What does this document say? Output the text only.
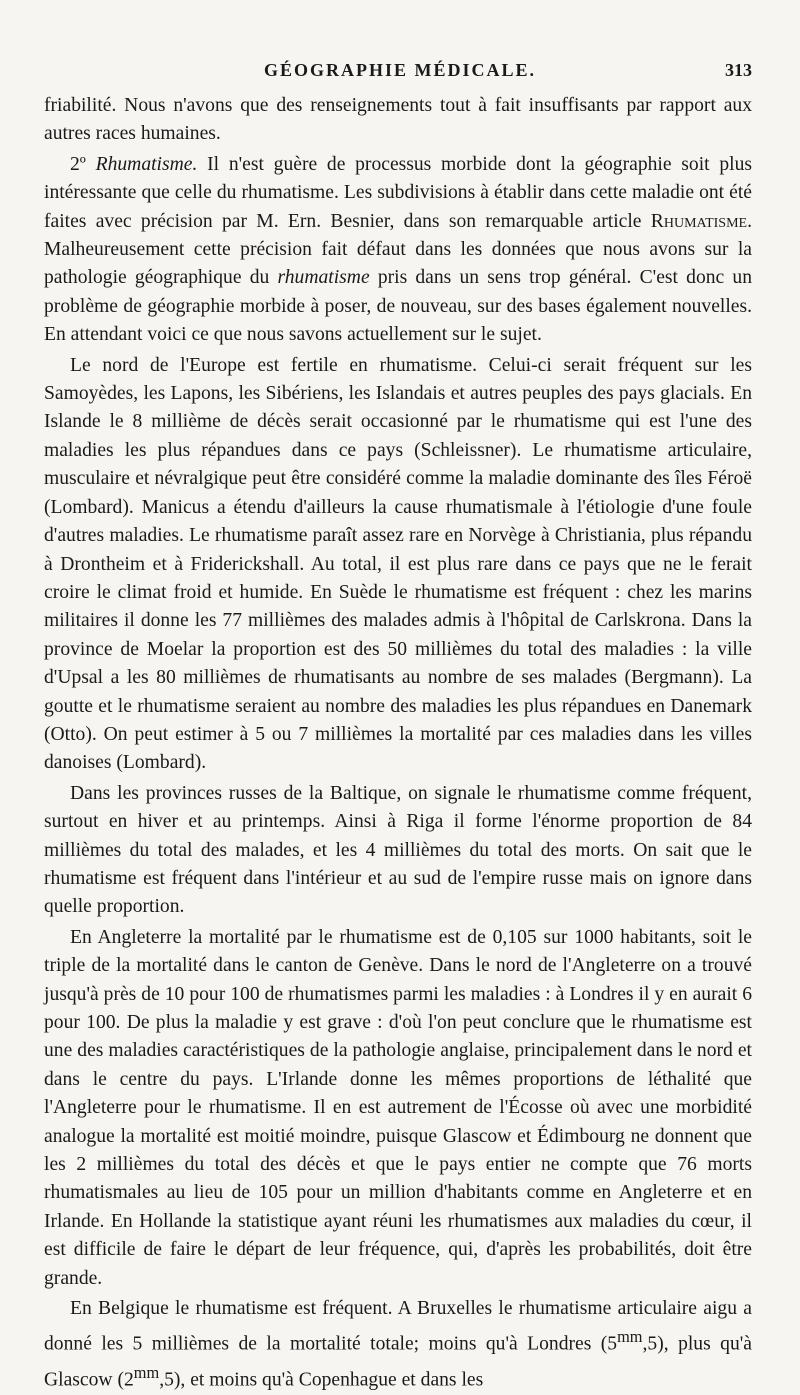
GÉOGRAPHIE MÉDICALE.	313

friabilité. Nous n'avons que des renseignements tout à fait insuffisants par rapport aux autres races humaines.

2º Rhumatisme. Il n'est guère de processus morbide dont la géographie soit plus intéressante que celle du rhumatisme. Les subdivisions à établir dans cette maladie ont été faites avec précision par M. Ern. Besnier, dans son remarquable article Rhumatisme. Malheureusement cette précision fait défaut dans les données que nous avons sur la pathologie géographique du rhumatisme pris dans un sens trop général. C'est donc un problème de géographie morbide à poser, de nouveau, sur des bases également nouvelles. En attendant voici ce que nous savons actuellement sur le sujet.

Le nord de l'Europe est fertile en rhumatisme. Celui-ci serait fréquent sur les Samoyèdes, les Lapons, les Sibériens, les Islandais et autres peuples des pays glacials. En Islande le 8 millième de décès serait occasionné par le rhumatisme qui est l'une des maladies les plus répandues dans ce pays (Schleissner). Le rhumatisme articulaire, musculaire et névralgique peut être considéré comme la maladie dominante des îles Féroë (Lombard). Manicus a étendu d'ailleurs la cause rhumatismale à l'étiologie d'une foule d'autres maladies. Le rhumatisme paraît assez rare en Norvège à Christiania, plus répandu à Drontheim et à Friderickshall. Au total, il est plus rare dans ce pays que ne le ferait croire le climat froid et humide. En Suède le rhumatisme est fréquent : chez les marins militaires il donne les 77 millièmes des malades admis à l'hôpital de Carlskrona. Dans la province de Moelar la proportion est des 50 millièmes du total des maladies : la ville d'Upsal a les 80 millièmes de rhumatisants au nombre de ses malades (Bergmann). La goutte et le rhumatisme seraient au nombre des maladies les plus répandues en Danemark (Otto). On peut estimer à 5 ou 7 millièmes la mortalité par ces maladies dans les villes danoises (Lombard).

Dans les provinces russes de la Baltique, on signale le rhumatisme comme fréquent, surtout en hiver et au printemps. Ainsi à Riga il forme l'énorme proportion de 84 millièmes du total des malades, et les 4 millièmes du total des morts. On sait que le rhumatisme est fréquent dans l'intérieur et au sud de l'empire russe mais on ignore dans quelle proportion.

En Angleterre la mortalité par le rhumatisme est de 0,105 sur 1000 habitants, soit le triple de la mortalité dans le canton de Genève. Dans le nord de l'Angleterre on a trouvé jusqu'à près de 10 pour 100 de rhumatismes parmi les maladies : à Londres il y en aurait 6 pour 100. De plus la maladie y est grave : d'où l'on peut conclure que le rhumatisme est une des maladies caractéristiques de la pathologie anglaise, principalement dans le nord et dans le centre du pays. L'Irlande donne les mêmes proportions de léthalité que l'Angleterre pour le rhumatisme. Il en est autrement de l'Écosse où avec une morbidité analogue la mortalité est moitié moindre, puisque Glascow et Édimbourg ne donnent que les 2 millièmes du total des décès et que le pays entier ne compte que 76 morts rhumatismales au lieu de 105 pour un million d'habitants comme en Angleterre et en Irlande. En Hollande la statistique ayant réuni les rhumatismes aux maladies du cœur, il est difficile de faire le départ de leur fréquence, qui, d'après les probabilités, doit être grande.

En Belgique le rhumatisme est fréquent. A Bruxelles le rhumatisme articulaire aigu a donné les 5 millièmes de la mortalité totale; moins qu'à Londres $(5^{mm},5)$, plus qu'à Glascow $(2^{mm},5)$, et moins qu'à Copenhague et dans les
